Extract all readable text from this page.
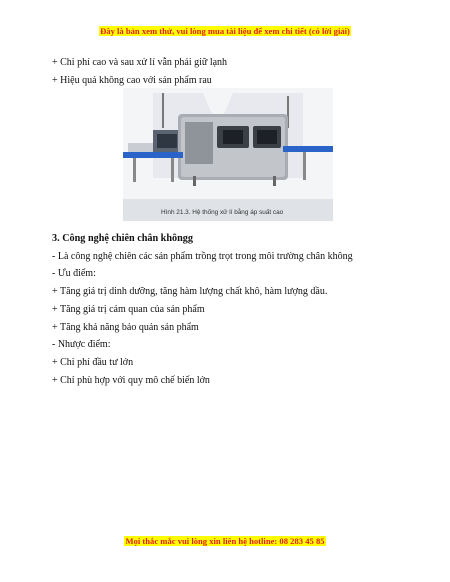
Đây là bản xem thử, vui lòng mua tài liệu để xem chi tiết (có lời giải)
+ Chi phí cao và sau xử lí vẫn phải giữ lạnh
+ Hiệu quả không cao với sản phẩm rau
Hình 21.3. Hệ thống xử lí bằng áp suất cao
3. Công nghệ chiên chân khôngg
- Là công nghệ chiên các sản phẩm trồng trọt trong môi trường chân không
- Ưu điểm:
+ Tăng giá trị dinh dưỡng, tăng hàm lượng chất khô, hàm lượng dầu.
+ Tăng giá trị cảm quan của sản phẩm
+ Tăng khả năng bảo quản sản phẩm
- Nhược điểm:
+ Chi phí đầu tư lớn
+ Chỉ phù hợp với quy mô chế biến lớn
Mọi thắc mắc vui lòng xin liên hệ hotline: 08 283 45 85
